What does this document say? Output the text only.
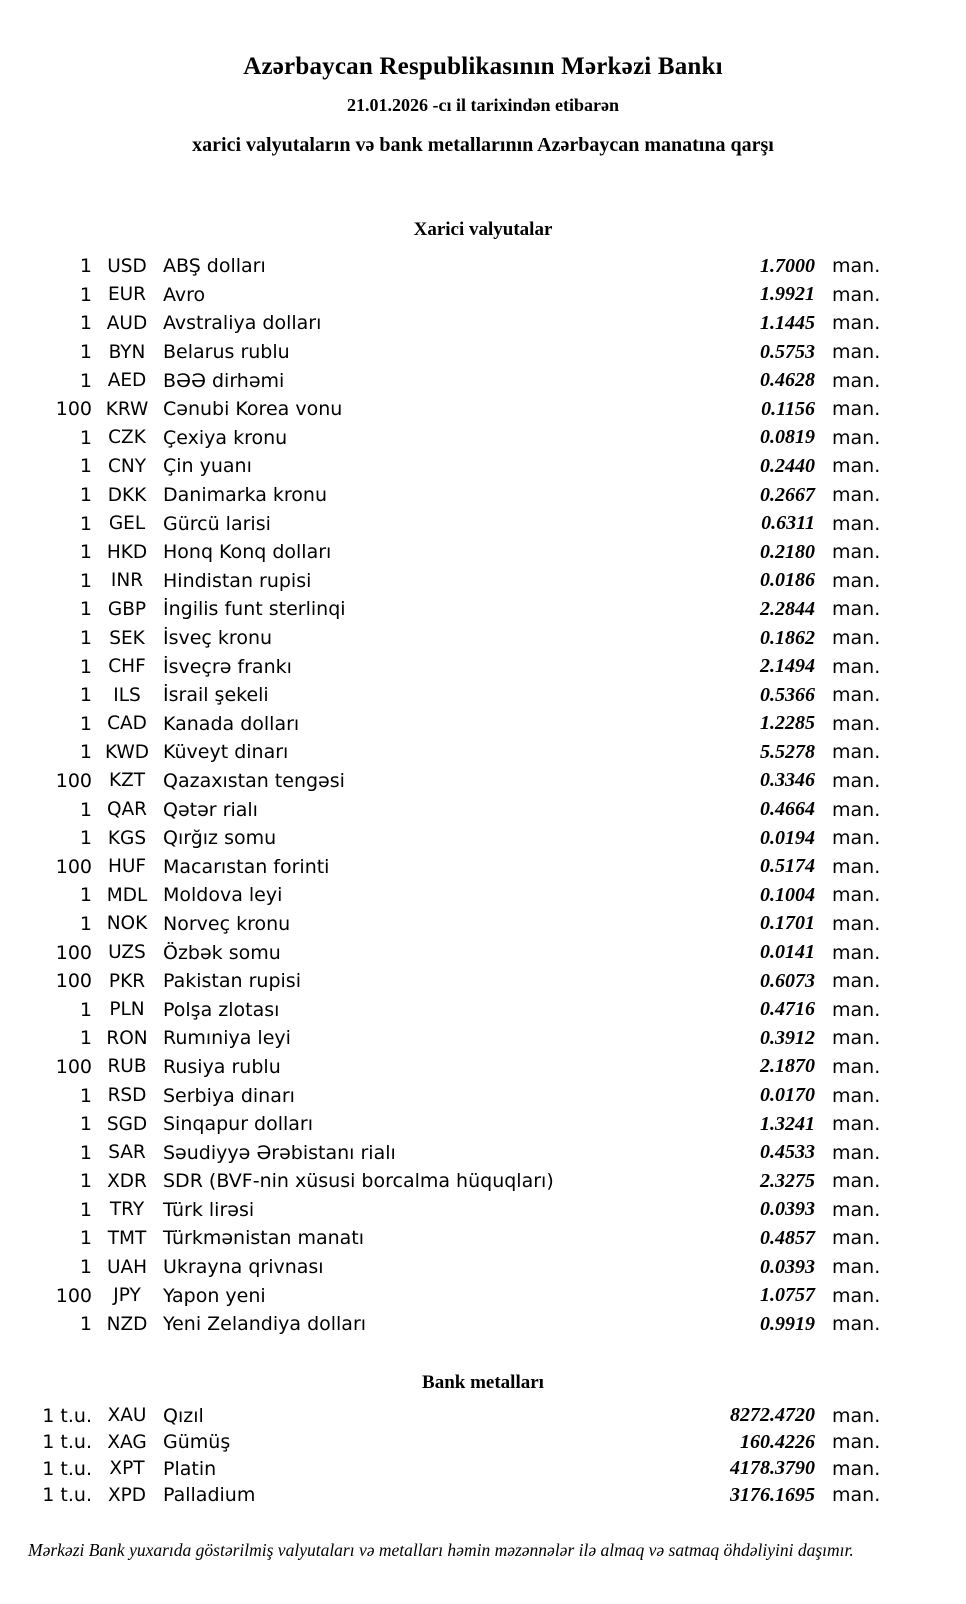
Azərbaycan Respublikasının Mərkəzi Bankı
21.01.2026 -cı il tarixindən etibarən
xarici valyutaların və bank metallarının Azərbaycan manatına qarşı
Xarici valyutalar
1 USD ABŞ dolları	1.7000 man.
1 EUR Avro	1.9921 man.
1 AUD Avstraliya dolları	1.1445 man.
1 BYN Belarus rublu	0.5753 man.
1 AED BƏƏ dirhəmi	0.4628 man.
100 KRW Cənubi Korea vonu	0.1156 man.
1 CZK Çexiya kronu	0.0819 man.
1 CNY Çin yuanı	0.2440 man.
1 DKK Danimarka kronu	0.2667 man.
1 GEL Gürcü larisi	0.6311 man.
1 HKD Honq Konq dolları	0.2180 man.
1	INR	Hindistan rupisi	0.0186 man.
1 GBP İngilis funt sterlinqi	2.2844 man.
1 SEK İsveç kronu	0.1862 man.
1 CHF İsveçrə frankı	2.1494 man.
1	ILS	İsrail şekeli	0.5366 man.
1 CAD Kanada dolları	1.2285 man.
1 KWD Küveyt dinarı	5.5278 man.
100 KZT Qazaxıstan tengəsi	0.3346 man.
1 QAR Qətər rialı	0.4664 man.
1 KGS Qırğız somu	0.0194 man.
100 HUF Macarıstan forinti	0.5174 man.
1 MDL Moldova leyi	0.1004 man.
1 NOK Norveç kronu	0.1701 man.
100 UZS Özbək somu	0.0141 man.
100 PKR Pakistan rupisi	0.6073 man.
1 PLN Polşa zlotası	0.4716 man.
1 RON Rumıniya leyi	0.3912 man.
100 RUB Rusiya rublu	2.1870 man.
1 RSD Serbiya dinarı	0.0170 man.
1 SGD Sinqapur dolları	1.3241 man.
1 SAR Səudiyyə Ərəbistanı rialı	0.4533 man.
1 XDR SDR (BVF-nin xüsusi borcalma hüquqları)	2.3275 man.
1 TRY Türk lirəsi	0.0393 man.
1 TMT Türkmənistan manatı	0.4857 man.
1 UAH Ukrayna qrivnası	0.0393 man.
100	JPY	Yapon yeni	1.0757 man.
1 NZD Yeni Zelandiya dolları	0.9919 man.
Bank metalları
1 t.u. XAU Qızıl	8272.4720 man.
1 t.u. XAG Gümüş	160.4226 man.
1 t.u. XPT Platin	4178.3790 man.
1 t.u. XPD Palladium	3176.1695 man.
Mərkəzi Bank yuxarıda göstərilmiş valyutaları və metalları həmin məzənnələr ilə almaq və satmaq öhdəliyini daşımır.
